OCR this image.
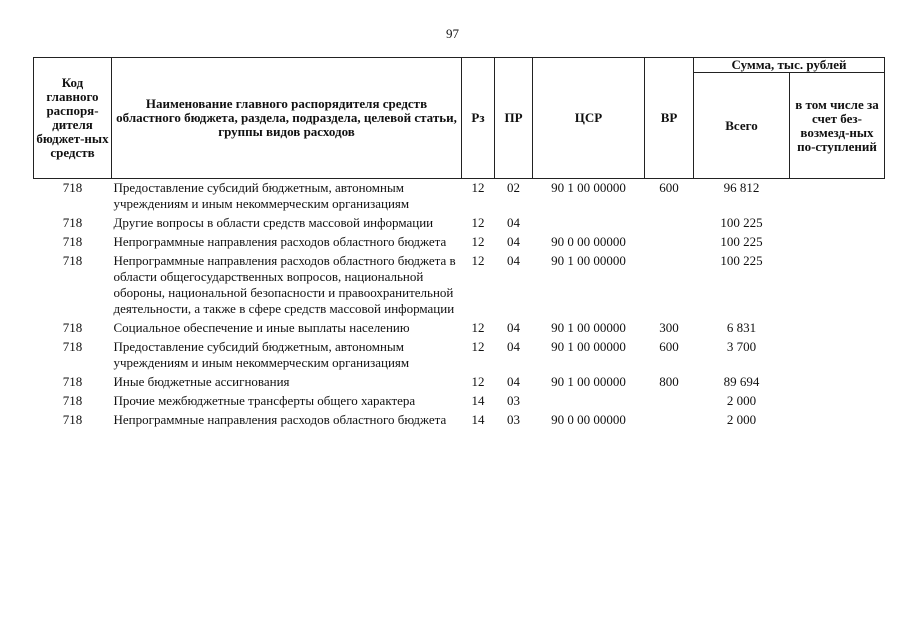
97
Код главного распоря-дителя бюджет-ных средств	Наименование главного распорядителя средств областного бюджета, раздела, подраздела, целевой статьи, группы видов расходов	Рз	ПР	ЦСР	ВР	Сумма, тыс. рублей	
						Всего	в том числе за счет без-возмезд-ных по-ступлений
718	Предоставление субсидий бюджетным, автономным учреждениям и иным некоммерческим организациям	12	02	90 1 00 00000	600	96 812	
718	Другие вопросы в области средств массовой информации	12	04			100 225	
718	Непрограммные направления расходов областного бюджета	12	04	90 0 00 00000		100 225	
718	Непрограммные направления расходов областного бюджета в области общегосударственных вопросов, национальной обороны, национальной безопасности и правоохранительной деятельности, а также в сфере средств массовой информации	12	04	90 1 00 00000		100 225	
718	Социальное обеспечение и иные выплаты населению	12	04	90 1 00 00000	300	6 831	
718	Предоставление субсидий бюджетным, автономным учреждениям и иным некоммерческим организациям	12	04	90 1 00 00000	600	3 700	
718	Иные бюджетные ассигнования	12	04	90 1 00 00000	800	89 694	
718	Прочие межбюджетные трансферты общего характера	14	03			2 000	
718	Непрограммные направления расходов областного бюджета	14	03	90 0 00 00000		2 000	
